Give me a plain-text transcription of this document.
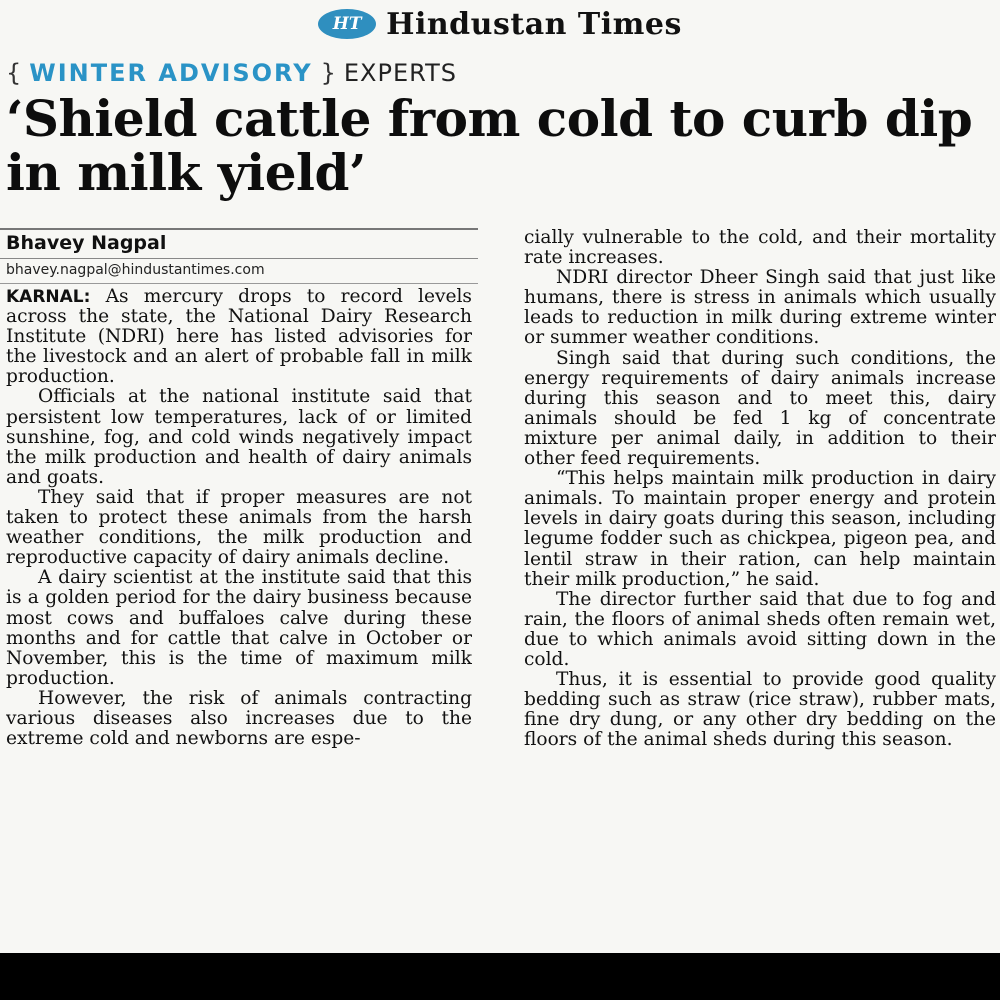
HT Hindustan Times
{ WINTER ADVISORY } EXPERTS
‘Shield cattle from cold to curb dip in milk yield’
Bhavey Nagpal
bhavey.nagpal@hindustantimes.com

KARNAL: As mercury drops to record levels across the state, the National Dairy Research Institute (NDRI) here has listed advisories for the livestock and an alert of probable fall in milk production.

Officials at the national institute said that persistent low temperatures, lack of or limited sunshine, fog, and cold winds negatively impact the milk production and health of dairy animals and goats.

They said that if proper measures are not taken to protect these animals from the harsh weather conditions, the milk production and reproductive capacity of dairy animals decline.

A dairy scientist at the institute said that this is a golden period for the dairy business because most cows and buffaloes calve during these months and for cattle that calve in October or November, this is the time of maximum milk production.

However, the risk of animals contracting various diseases also increases due to the extreme cold and newborns are espe-

cially vulnerable to the cold, and their mortality rate increases.

NDRI director Dheer Singh said that just like humans, there is stress in animals which usually leads to reduction in milk during extreme winter or summer weather conditions.

Singh said that during such conditions, the energy requirements of dairy animals increase during this season and to meet this, dairy animals should be fed 1 kg of concentrate mixture per animal daily, in addition to their other feed requirements.

“This helps maintain milk production in dairy animals. To maintain proper energy and protein levels in dairy goats during this season, including legume fodder such as chickpea, pigeon pea, and lentil straw in their ration, can help maintain their milk production,” he said.

The director further said that due to fog and rain, the floors of animal sheds often remain wet, due to which animals avoid sitting down in the cold.

Thus, it is essential to provide good quality bedding such as straw (rice straw), rubber mats, fine dry dung, or any other dry bedding on the floors of the animal sheds during this season.
